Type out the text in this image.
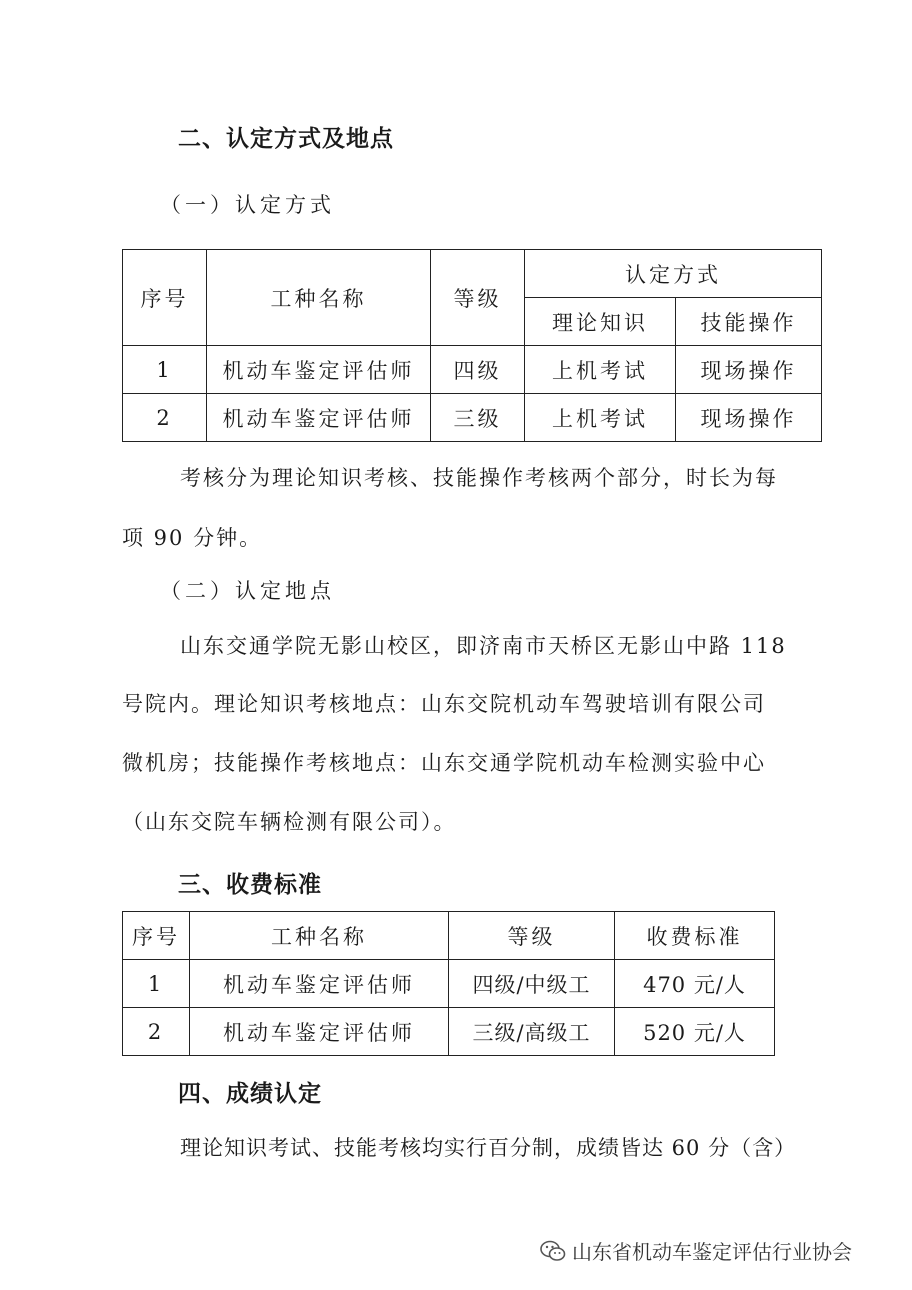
二、认定方式及地点
（一）认定方式
序号	工种名称	等级	认定方式	
			理论知识	技能操作
1	机动车鉴定评估师	四级	上机考试	现场操作
2	机动车鉴定评估师	三级	上机考试	现场操作
考核分为理论知识考核、技能操作考核两个部分，时长为每
项 90 分钟。
（二）认定地点
山东交通学院无影山校区，即济南市天桥区无影山中路 118
号院内。理论知识考核地点：山东交院机动车驾驶培训有限公司
微机房；技能操作考核地点：山东交通学院机动车检测实验中心
（山东交院车辆检测有限公司）。
三、收费标准
序号	工种名称	等级	收费标准
1	机动车鉴定评估师	四级/中级工	470 元/人
2	机动车鉴定评估师	三级/高级工	520 元/人
四、成绩认定
理论知识考试、技能考核均实行百分制，成绩皆达 60 分（含）
山东省机动车鉴定评估行业协会
